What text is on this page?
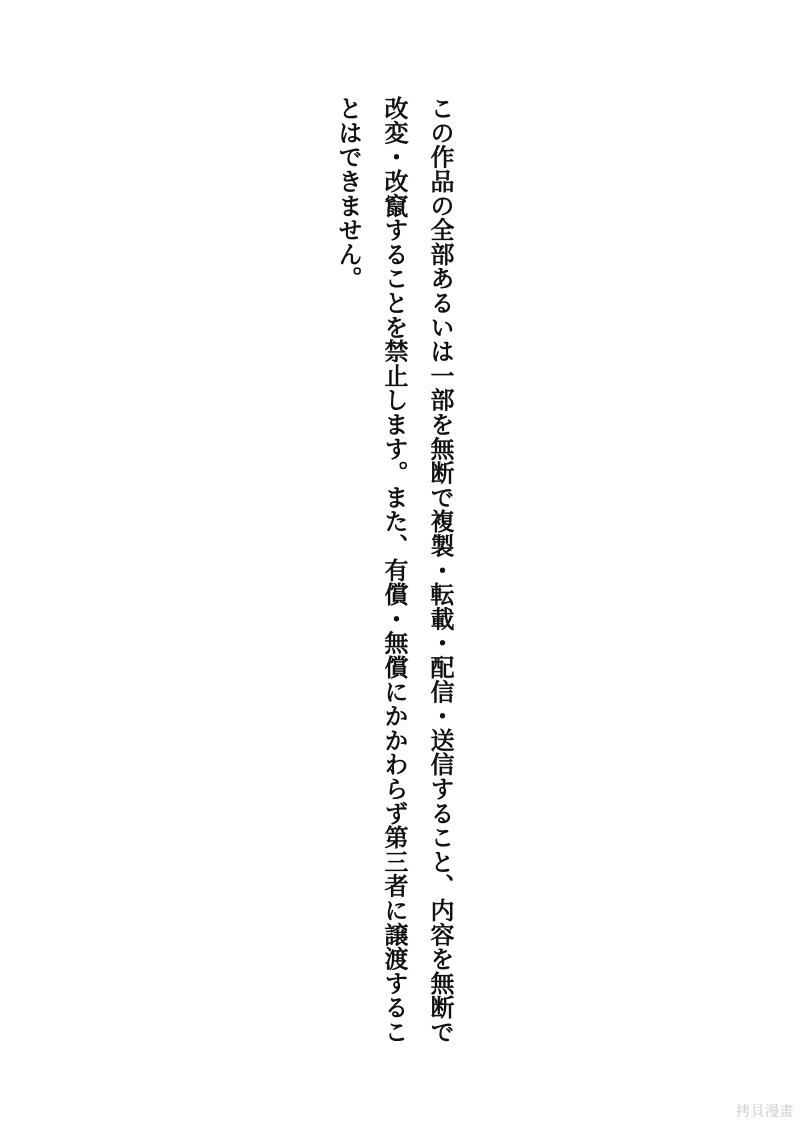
この作品の全部あるいは一部を無断で複製・転載・配信・送信すること、内容を無断で
改変・改竄することを禁止します。また、有償・無償にかかわらず第三者に譲渡するこ
とはできません。
拷貝漫畫
